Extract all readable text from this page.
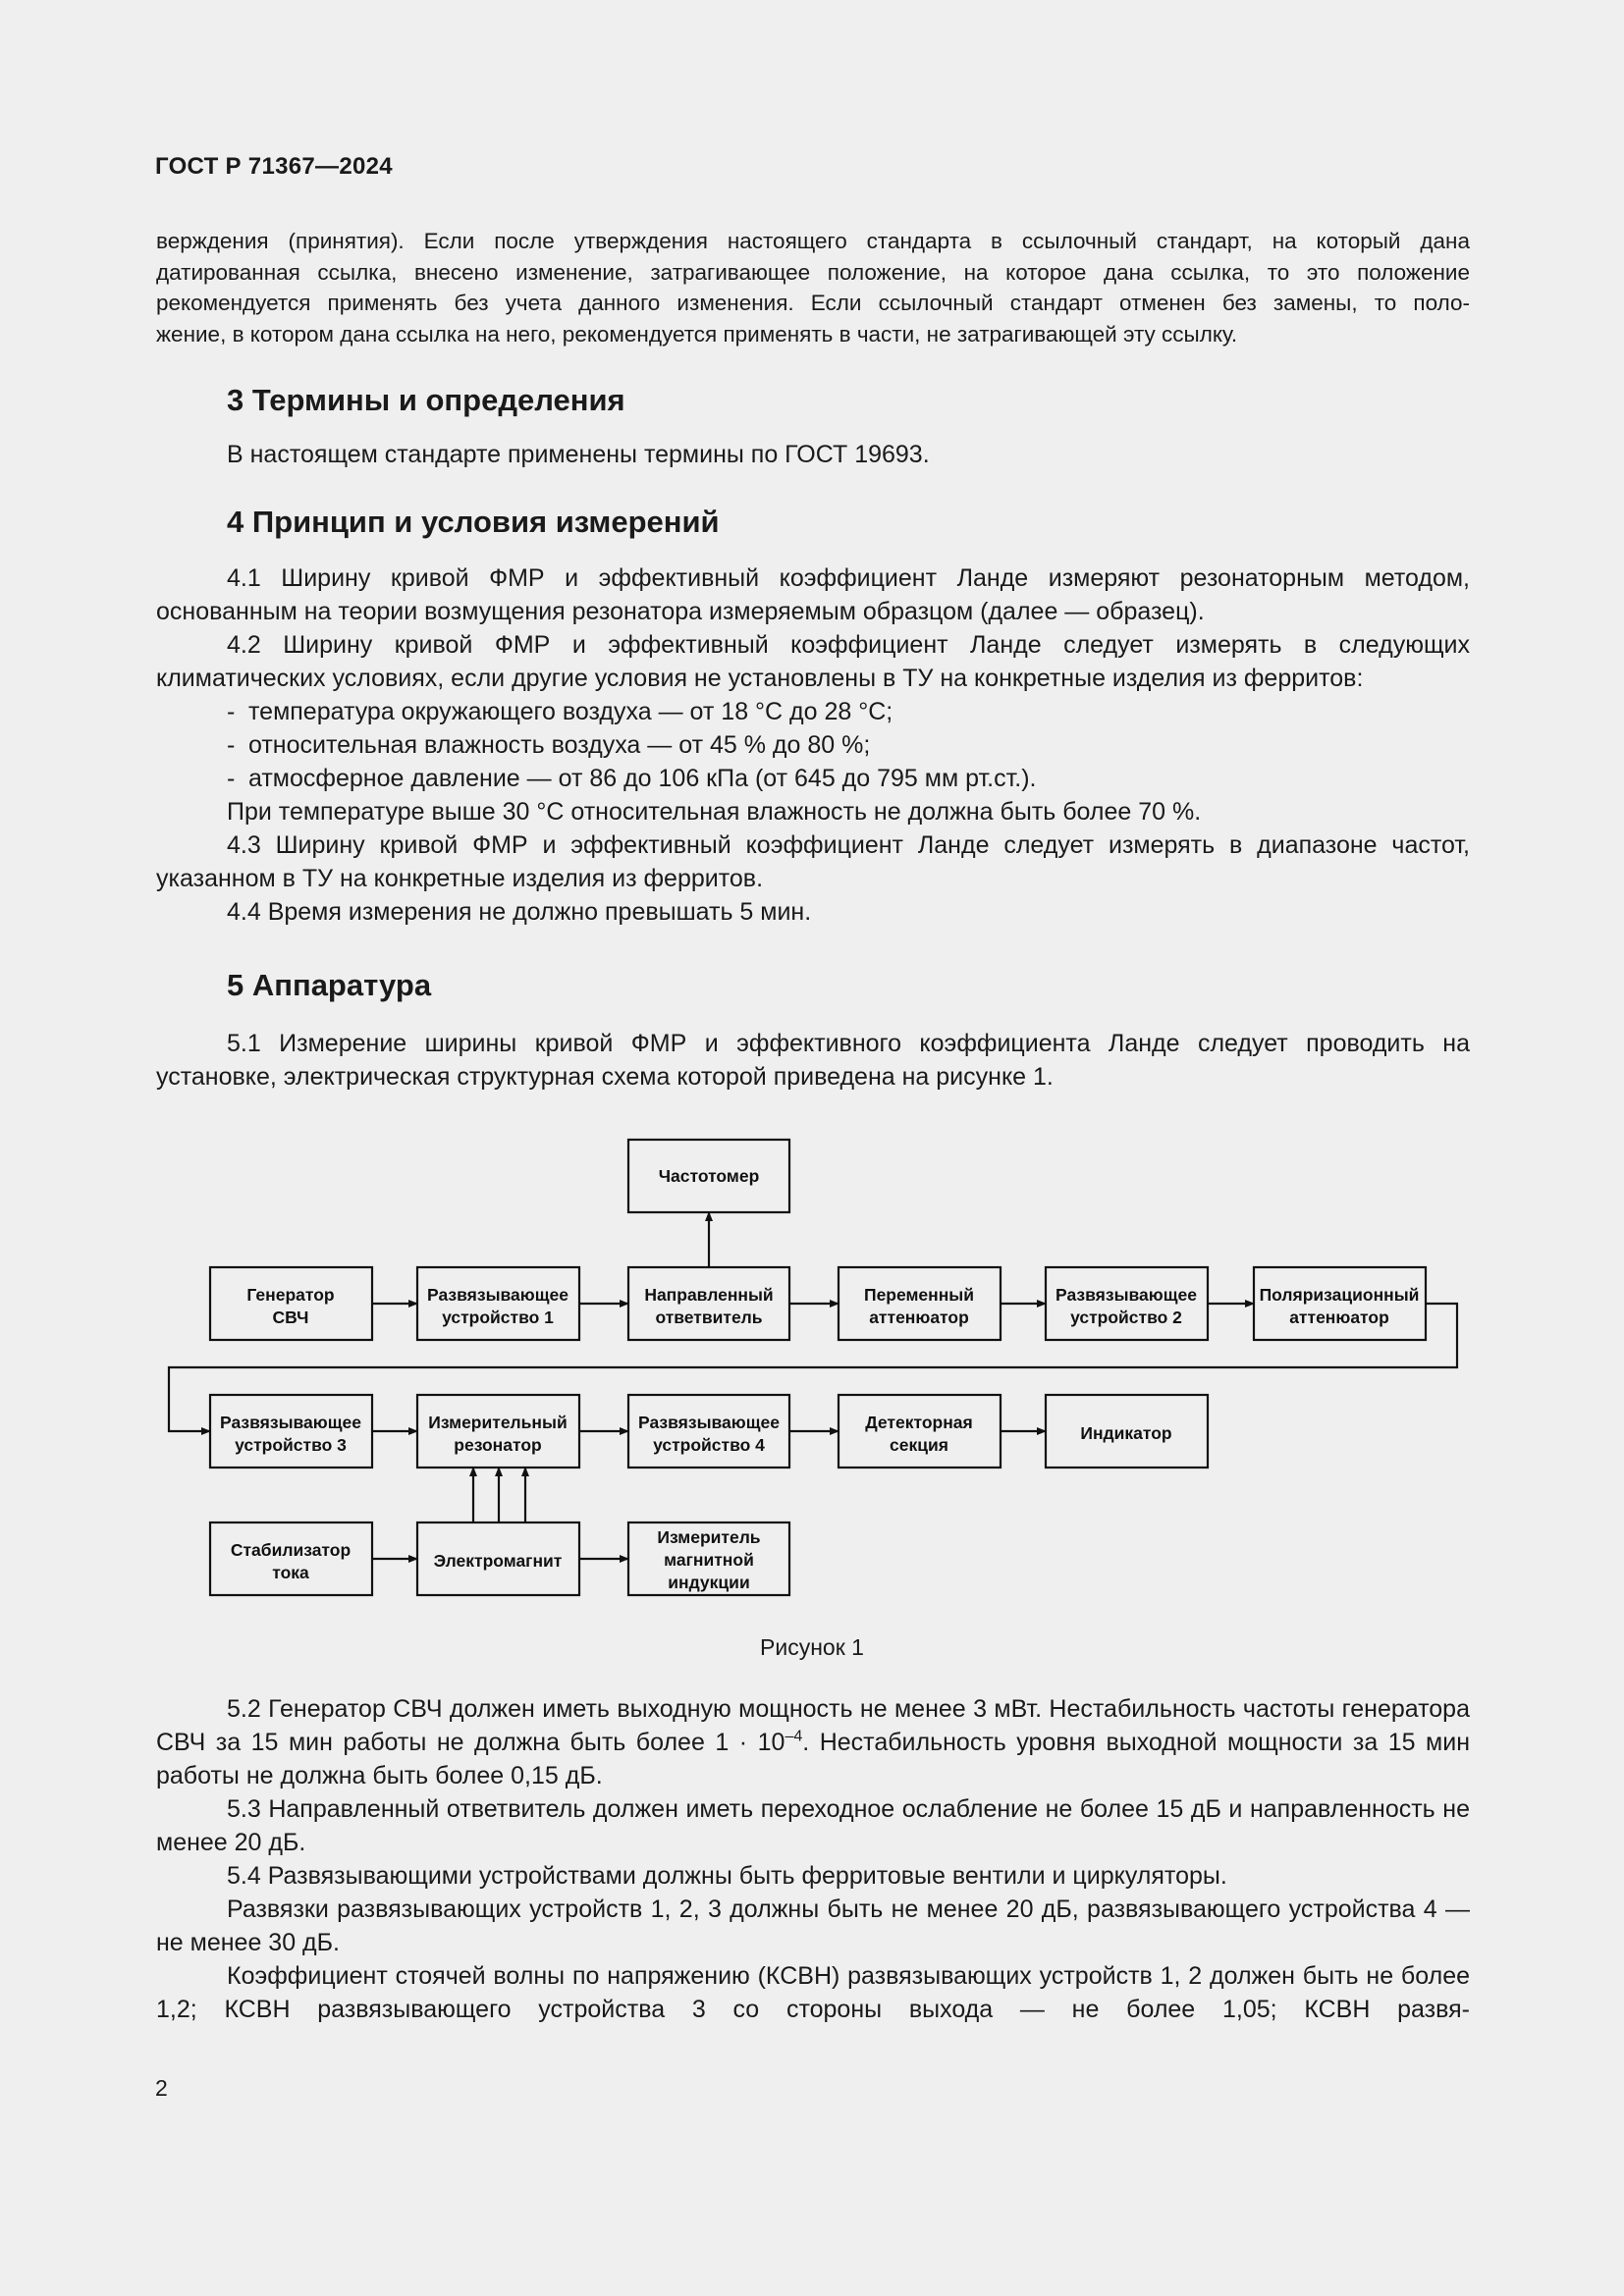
ГОСТ Р 71367—2024

верждения (принятия). Если после утверждения настоящего стандарта в ссылочный стандарт, на который дана

датированная ссылка, внесено изменение, затрагивающее положение, на которое дана ссылка, то это положение

рекомендуется применять без учета данного изменения. Если ссылочный стандарт отменен без замены, то поло-

жение, в котором дана ссылка на него, рекомендуется применять в части, не затрагивающей эту ссылку.

3 Термины и определения

В настоящем стандарте применены термины по ГОСТ 19693.

4 Принцип и условия измерений

4.1 Ширину кривой ФМР и эффективный коэффициент Ланде измеряют резонаторным методом, основанным на теории возмущения резонатора измеряемым образцом (далее — образец).

4.2 Ширину кривой ФМР и эффективный коэффициент Ланде следует измерять в следующих климатических условиях, если другие условия не установлены в ТУ на конкретные изделия из ферритов:

- температура окружающего воздуха — от 18 °С до 28 °С;

- относительная влажность воздуха — от 45 % до 80 %;

- атмосферное давление — от 86 до 106 кПа (от 645 до 795 мм рт.ст.).

При температуре выше 30 °С относительная влажность не должна быть более 70 %.

4.3 Ширину кривой ФМР и эффективный коэффициент Ланде следует измерять в диапазоне частот, указанном в ТУ на конкретные изделия из ферритов.

4.4 Время измерения не должно превышать 5 мин.

5 Аппаратура

5.1 Измерение ширины кривой ФМР и эффективного коэффициента Ланде следует проводить на установке, электрическая структурная схема которой приведена на рисунке 1.

Частотомер
Генератор
СВЧ
Развязывающее
устройство 1
Направленный
ответвитель
Переменный
аттенюатор
Развязывающее
устройство 2
Поляризационный
аттенюатор
Развязывающее
устройство 3
Измерительный
резонатор
Развязывающее
устройство 4
Детекторная
секция
Индикатор
Стабилизатор
тока
Электромагнит
Измеритель
магнитной
индукции
Рисунок 1

5.2 Генератор СВЧ должен иметь выходную мощность не менее 3 мВт. Нестабильность частоты генератора СВЧ за 15 мин работы не должна быть более $1 \cdot 10^{-4}$. Нестабильность уровня выходной мощности за 15 мин работы не должна быть более 0,15 дБ.

5.3 Направленный ответвитель должен иметь переходное ослабление не более 15 дБ и направленность не менее 20 дБ.

5.4 Развязывающими устройствами должны быть ферритовые вентили и циркуляторы.

Развязки развязывающих устройств 1, 2, 3 должны быть не менее 20 дБ, развязывающего устройства 4 — не менее 30 дБ.

Коэффициент стоячей волны по напряжению (КСВН) развязывающих устройств 1, 2 должен быть не более 1,2; КСВН развязывающего устройства 3 со стороны выхода — не более 1,05; КСВН развя-

2
